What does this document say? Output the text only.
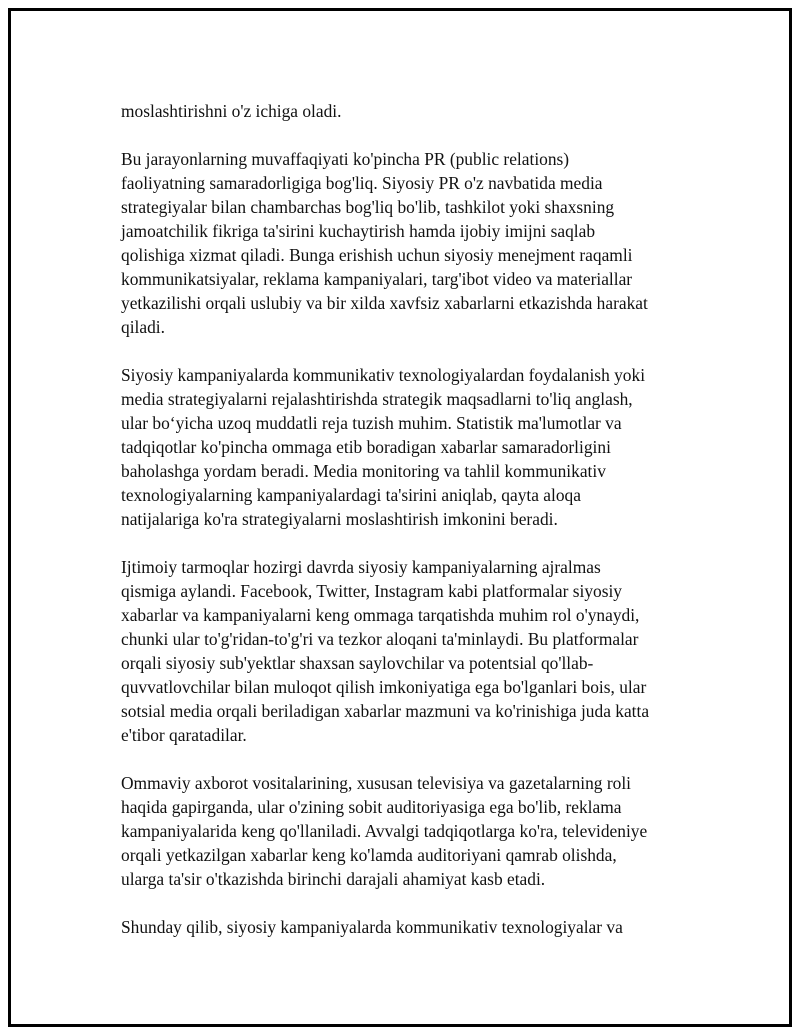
moslashtirishni o'z ichiga oladi.

Bu jarayonlarning muvaffaqiyati ko'pincha PR (public relations)
faoliyatning samaradorligiga bog'liq. Siyosiy PR o'z navbatida media
strategiyalar bilan chambarchas bog'liq bo'lib, tashkilot yoki shaxsning
jamoatchilik fikriga ta'sirini kuchaytirish hamda ijobiy imijni saqlab
qolishiga xizmat qiladi. Bunga erishish uchun siyosiy menejment raqamli
kommunikatsiyalar, reklama kampaniyalari, targ'ibot video va materiallar
yetkazilishi orqali uslubiy va bir xilda xavfsiz xabarlarni etkazishda harakat
qiladi.

Siyosiy kampaniyalarda kommunikativ texnologiyalardan foydalanish yoki
media strategiyalarni rejalashtirishda strategik maqsadlarni to'liq anglash,
ular bo‘yicha uzoq muddatli reja tuzish muhim. Statistik ma'lumotlar va
tadqiqotlar ko'pincha ommaga etib boradigan xabarlar samaradorligini
baholashga yordam beradi. Media monitoring va tahlil kommunikativ
texnologiyalarning kampaniyalardagi ta'sirini aniqlab, qayta aloqa
natijalariga ko'ra strategiyalarni moslashtirish imkonini beradi.

Ijtimoiy tarmoqlar hozirgi davrda siyosiy kampaniyalarning ajralmas
qismiga aylandi. Facebook, Twitter, Instagram kabi platformalar siyosiy
xabarlar va kampaniyalarni keng ommaga tarqatishda muhim rol o'ynaydi,
chunki ular to'g'ridan-to'g'ri va tezkor aloqani ta'minlaydi. Bu platformalar
orqali siyosiy sub'yektlar shaxsan saylovchilar va potentsial qo'llab-
quvvatlovchilar bilan muloqot qilish imkoniyatiga ega bo'lganlari bois, ular
sotsial media orqali beriladigan xabarlar mazmuni va ko'rinishiga juda katta
e'tibor qaratadilar.

Ommaviy axborot vositalarining, xususan televisiya va gazetalarning roli
haqida gapirganda, ular o'zining sobit auditoriyasiga ega bo'lib, reklama
kampaniyalarida keng qo'llaniladi. Avvalgi tadqiqotlarga ko'ra, televideniye
orqali yetkazilgan xabarlar keng ko'lamda auditoriyani qamrab olishda,
ularga ta'sir o'tkazishda birinchi darajali ahamiyat kasb etadi.

Shunday qilib, siyosiy kampaniyalarda kommunikativ texnologiyalar va
